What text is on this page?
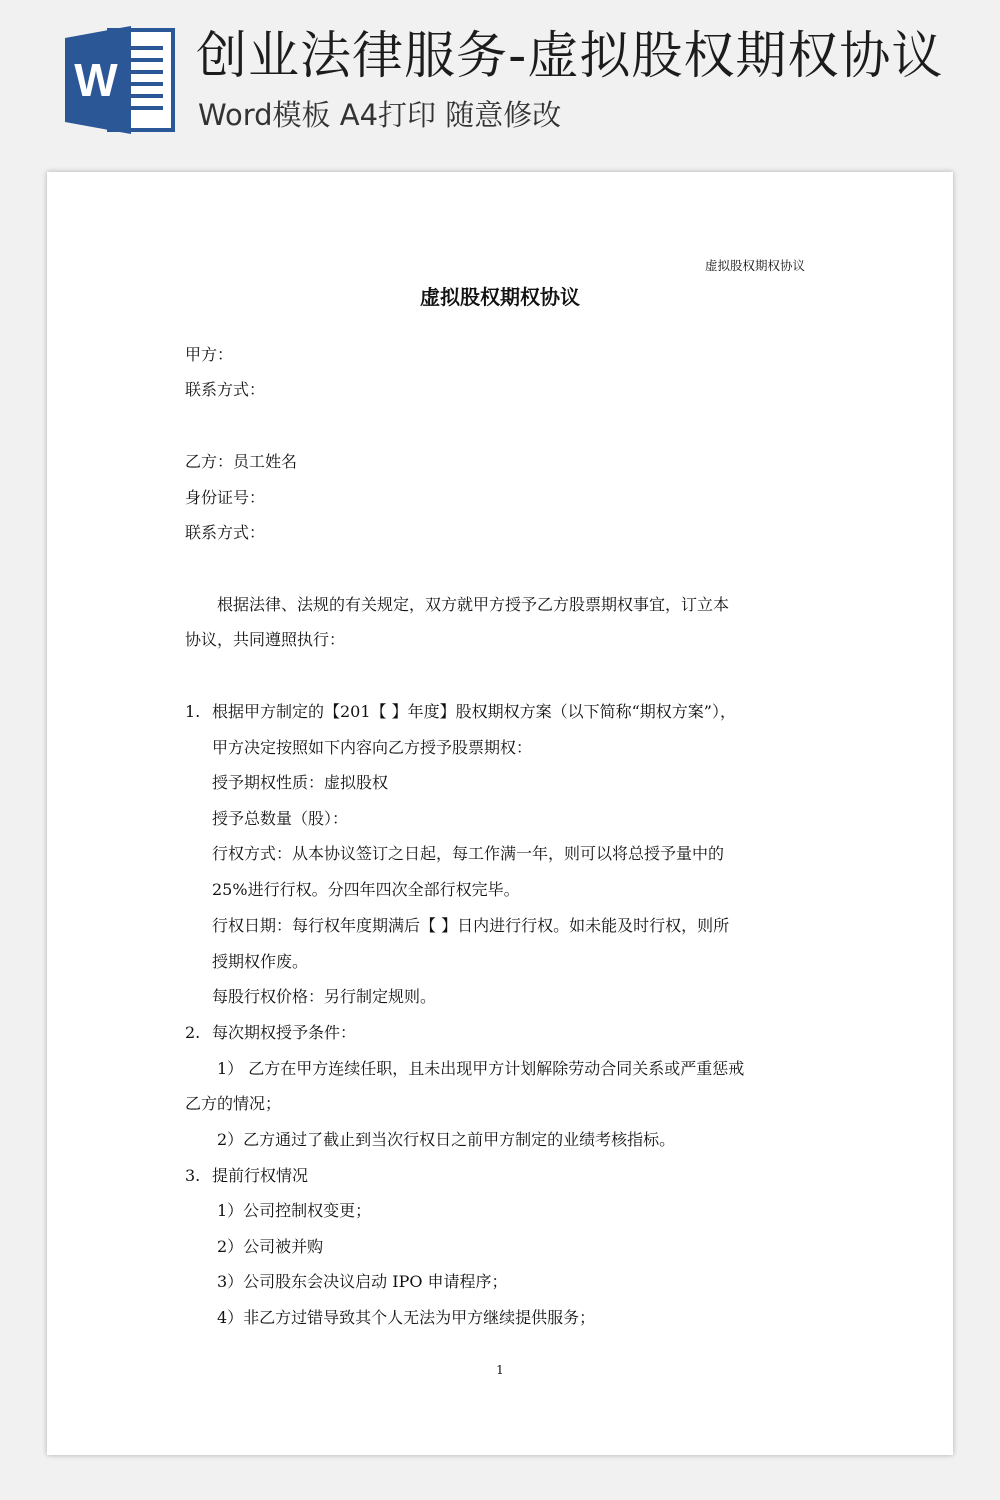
W 创业法律服务-虚拟股权期权协议
Word模板 A4打印 随意修改
虚拟股权期权协议
虚拟股权期权协议
甲方：
联系方式：
乙方：员工姓名
身份证号：
联系方式：
根据法律、法规的有关规定，双方就甲方授予乙方股票期权事宜，订立本
协议，共同遵照执行：
1. 根据甲方制定的【201【 】年度】股权期权方案（以下简称“期权方案”），
甲方决定按照如下内容向乙方授予股票期权：
授予期权性质：虚拟股权
授予总数量（股）：
行权方式：从本协议签订之日起，每工作满一年，则可以将总授予量中的
25%进行行权。分四年四次全部行权完毕。
行权日期：每行权年度期满后【 】日内进行行权。如未能及时行权，则所
授期权作废。
每股行权价格：另行制定规则。
2. 每次期权授予条件：
1） 乙方在甲方连续任职，且未出现甲方计划解除劳动合同关系或严重惩戒
乙方的情况；
2）乙方通过了截止到当次行权日之前甲方制定的业绩考核指标。
3. 提前行权情况
1）公司控制权变更；
2）公司被并购
3）公司股东会决议启动 IPO 申请程序；
4）非乙方过错导致其个人无法为甲方继续提供服务；
1
